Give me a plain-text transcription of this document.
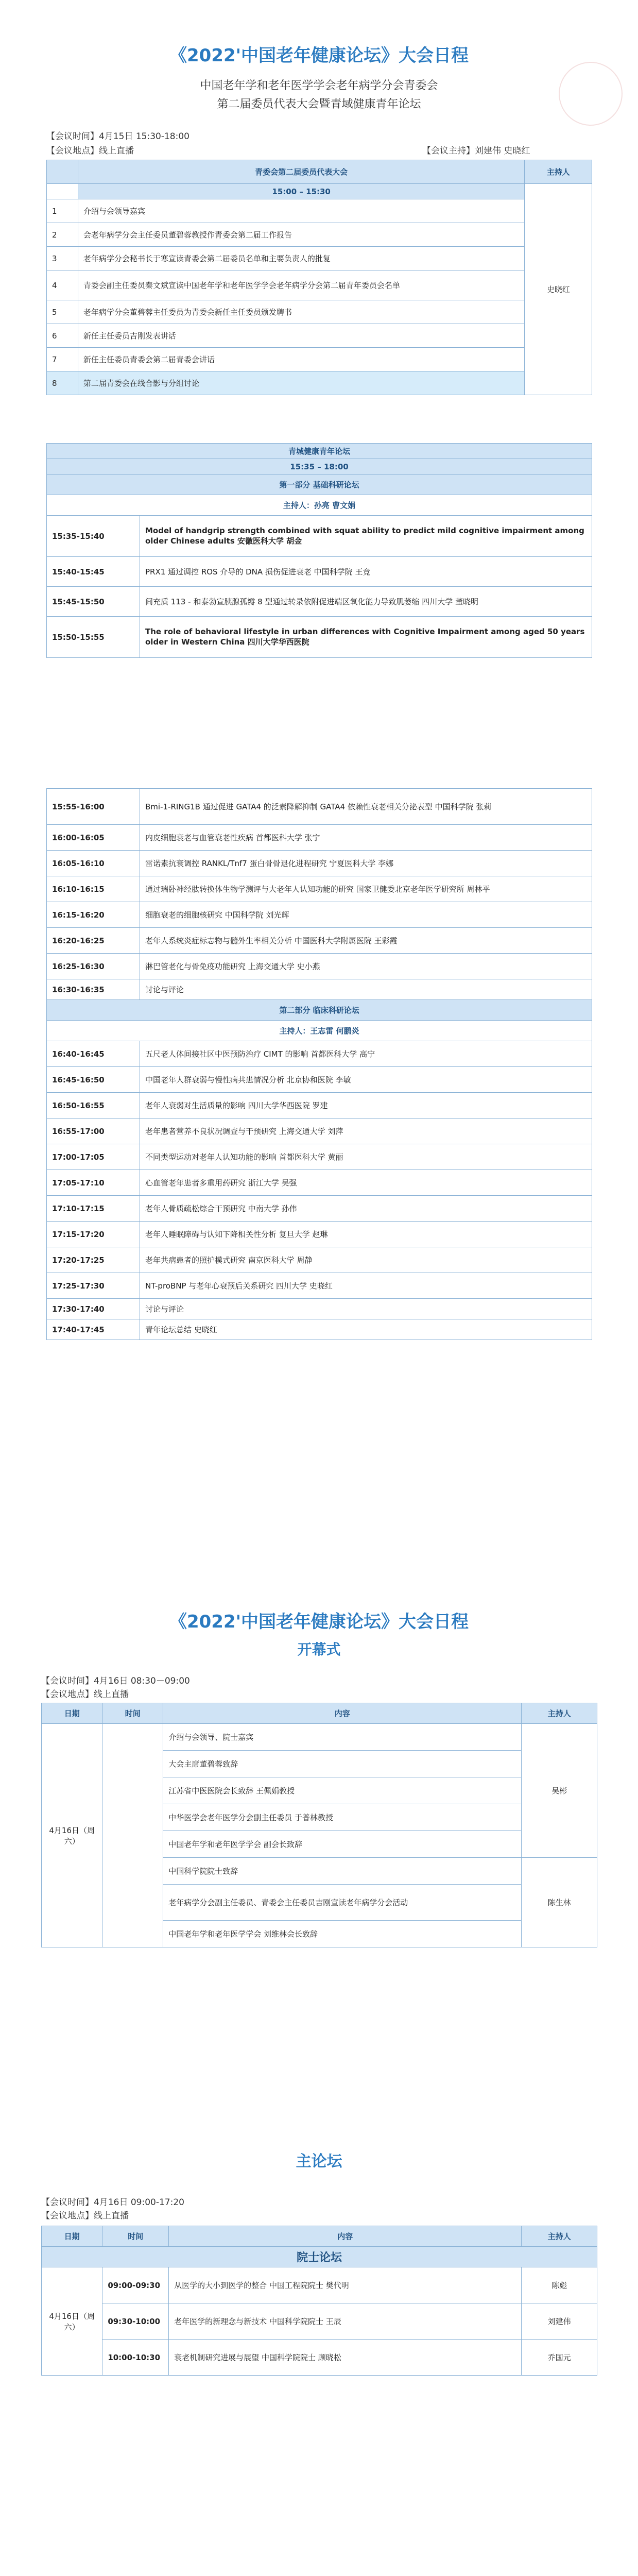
《2022'中国老年健康论坛》大会日程

中国老年学和老年医学学会老年病学分会青委会

第二届委员代表大会暨青域健康青年论坛

【会议时间】4月15日 15:30-18:00
【会议地点】线上直播	【会议主持】刘建伟 史晓红
	青委会第二届委员代表大会	主持人
	15:00 – 15:30	史晓红
1	介绍与会领导嘉宾	
2	会老年病学分会主任委员董碧蓉教授作青委会第二届工作报告	
3	老年病学分会秘书长于寒宣读青委会第二届委员名单和主要负责人的批复	
4	青委会副主任委员秦文斌宣读中国老年学和老年医学学会老年病学分会第二届青年委员会名单	
5	老年病学分会董碧蓉主任委员为青委会新任主任委员颁发聘书	
6	新任主任委员吉刚发表讲话	
7	新任主任委员青委会第二届青委会讲话	
8	第二届青委会在线合影与分组讨论	
青城健康青年论坛	
15:35 – 18:00	
第一部分 基础科研论坛	
主持人：孙亮 曹文娟	
15:35-15:40	Model of handgrip strength combined with squat ability to predict mild cognitive impairment among older Chinese adults 安徽医科大学 胡金
15:40-15:45	PRX1 通过调控 ROS 介导的 DNA 损伤促进衰老 中国科学院 王竞
15:45-15:50	间充质 113 - 和泰勃宣胰腺孤瓣 8 型通过转录依附促进端区氧化能力导致肌萎缩 四川大学 董晓明
15:50-15:55	The role of behavioral lifestyle in urban differences with Cognitive Impairment among aged 50 years older in Western China 四川大学华西医院
15:55-16:00	Bmi-1-RING1B 通过促进 GATA4 的泛素降解抑制 GATA4 依赖性衰老相关分泌表型 中国科学院 张莉
16:00-16:05	内皮细胞衰老与血管衰老性疾病 首都医科大学 张宁
16:05-16:10	雷诺素抗衰调控 RANKL/Tnf7 蛋白骨骨退化进程研究 宁夏医科大学 李娜
16:10-16:15	通过瑞卧神经肽转换体生物学测评与大老年人认知功能的研究 国家卫健委北京老年医学研究所 周林平
16:15-16:20	细胞衰老的细胞核研究 中国科学院 刘光辉
16:20-16:25	老年人系统炎症标志物与髓外生率相关分析 中国医科大学附属医院 王彩霞
16:25-16:30	淋巴管老化与骨免疫功能研究 上海交通大学 史小燕
16:30-16:35	讨论与评论
第二部分 临床科研论坛	
主持人：王志雷 何鹏炎	
16:40-16:45	五尺老人体间接社区中医预防治疗 CIMT 的影响 首都医科大学 高宁
16:45-16:50	中国老年人群衰弱与慢性病共患情况分析 北京协和医院 李敏
16:50-16:55	老年人衰弱对生活质量的影响 四川大学华西医院 罗建
16:55-17:00	老年患者营养不良状况调查与干预研究 上海交通大学 刘萍
17:00-17:05	不同类型运动对老年人认知功能的影响 首都医科大学 黄丽
17:05-17:10	心血管老年患者多重用药研究 浙江大学 吴强
17:10-17:15	老年人骨质疏松综合干预研究 中南大学 孙伟
17:15-17:20	老年人睡眠障碍与认知下降相关性分析 复旦大学 赵琳
17:20-17:25	老年共病患者的照护模式研究 南京医科大学 周静
17:25-17:30	NT-proBNP 与老年心衰预后关系研究 四川大学 史晓红
17:30-17:40	讨论与评论
17:40-17:45	青年论坛总结 史晓红
《2022'中国老年健康论坛》大会日程
开幕式
【会议时间】4月16日 08:30－09:00
【会议地点】线上直播
日期	时间	内容	主持人
4月16日（周六）		介绍与会领导、院士嘉宾	吴彬
		大会主席董碧蓉致辞	
		江苏省中医医院会长致辞 王佩娟教授	
		中华医学会老年医学分会副主任委员 于普林教授	
		中国老年学和老年医学学会 副会长致辞	
		中国科学院院士致辞	陈生林
		老年病学分会副主任委员、青委会主任委员吉刚宣读老年病学分会活动	
		中国老年学和老年医学学会 刘维林会长致辞	
主论坛
【会议时间】4月16日 09:00-17:20
【会议地点】线上直播
日期	时间	内容	主持人
院士论坛			
4月16日（周六）	09:00-09:30	从医学的大小到医学的整合 中国工程院院士 樊代明	陈彪
	09:30-10:00	老年医学的新理念与新技术 中国科学院院士 王辰	刘建伟
	10:00-10:30	衰老机制研究进展与展望 中国科学院院士 顾晓松	乔国元
